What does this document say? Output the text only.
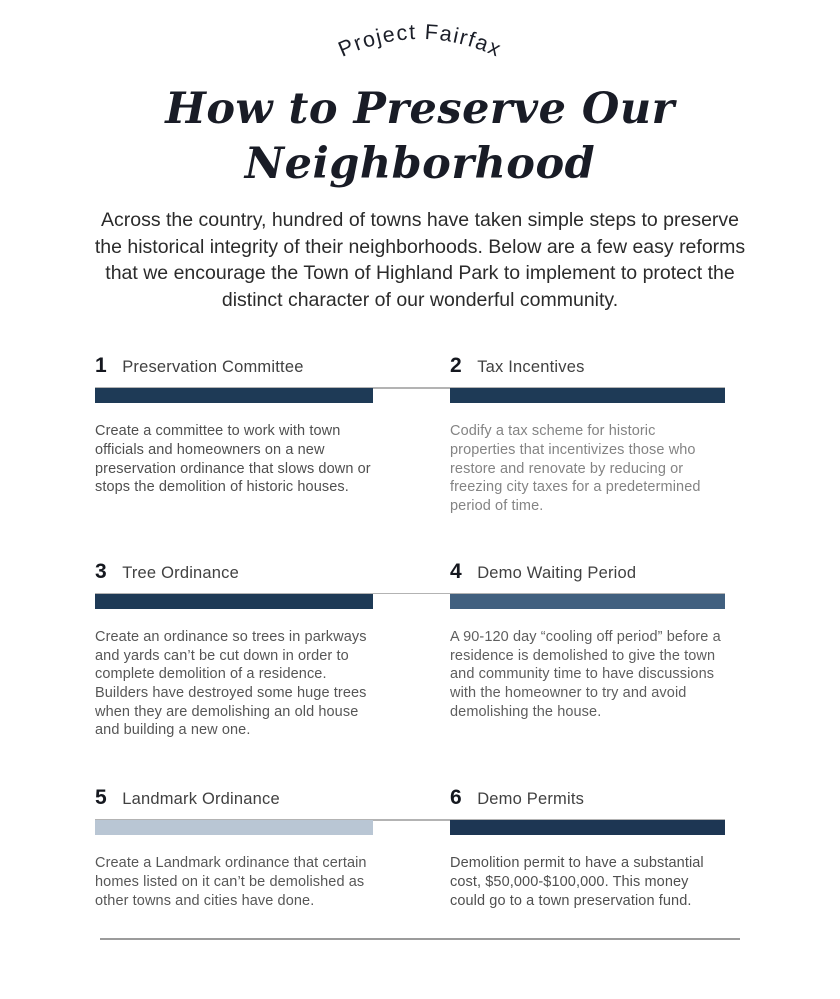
Project Fairfax
How to Preserve Our
Neighborhood

Across the country, hundred of towns have taken simple steps to preserve the historical integrity of their neighborhoods. Below are a few easy reforms that we encourage the Town of Highland Park to implement to protect the distinct character of our wonderful community.

1 Preservation Committee

Create a committee to work with town officials and homeowners on a new preservation ordinance that slows down or stops the demolition of historic houses.

2 Tax Incentives

Codify a tax scheme for historic properties that incentivizes those who restore and renovate by reducing or freezing city taxes for a predetermined period of time.

3 Tree Ordinance

Create an ordinance so trees in parkways and yards can’t be cut down in order to complete demolition of a residence. Builders have destroyed some huge trees when they are demolishing an old house and building a new one.

4 Demo Waiting Period

A 90-120 day “cooling off period” before a residence is demolished to give the town and community time to have discussions with the homeowner to try and avoid demolishing the house.

5 Landmark Ordinance

Create a Landmark ordinance that certain homes listed on it can’t be demolished as other towns and cities have done.

6 Demo Permits

Demolition permit to have a substantial cost, $50,000-$100,000. This money could go to a town preservation fund.
